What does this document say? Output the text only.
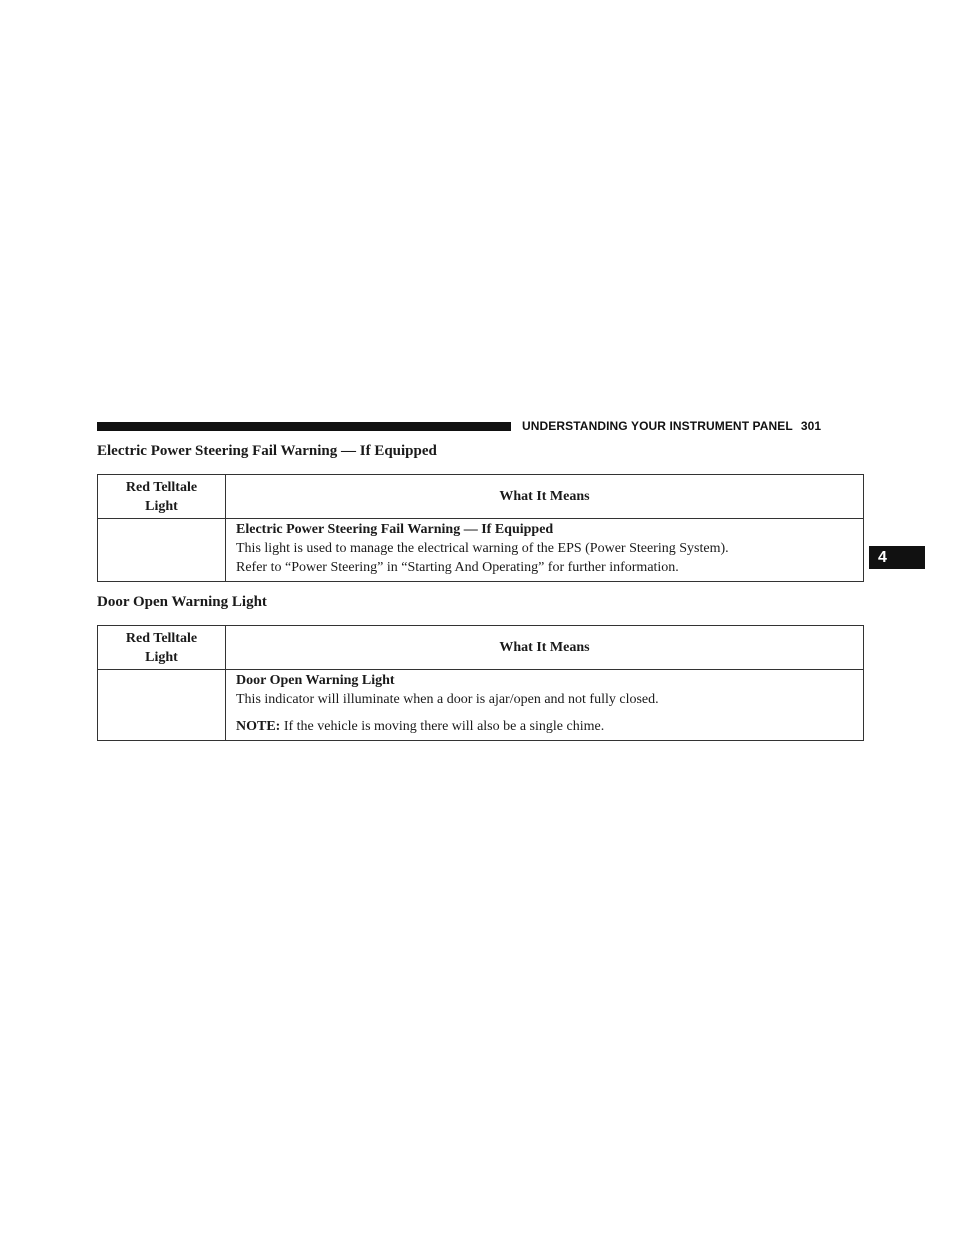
UNDERSTANDING YOUR INSTRUMENT PANEL 301
4
Electric Power Steering Fail Warning — If Equipped
Red Telltale
Light	What It Means

	Electric Power Steering Fail Warning — If Equipped
This light is used to manage the electrical warning of the EPS (Power Steering System).
Refer to “Power Steering” in “Starting And Operating” for further information.
Door Open Warning Light
Red Telltale
Light	What It Means

	Door Open Warning Light
This indicator will illuminate when a door is ajar/open and not fully closed.
NOTE: If the vehicle is moving there will also be a single chime.
